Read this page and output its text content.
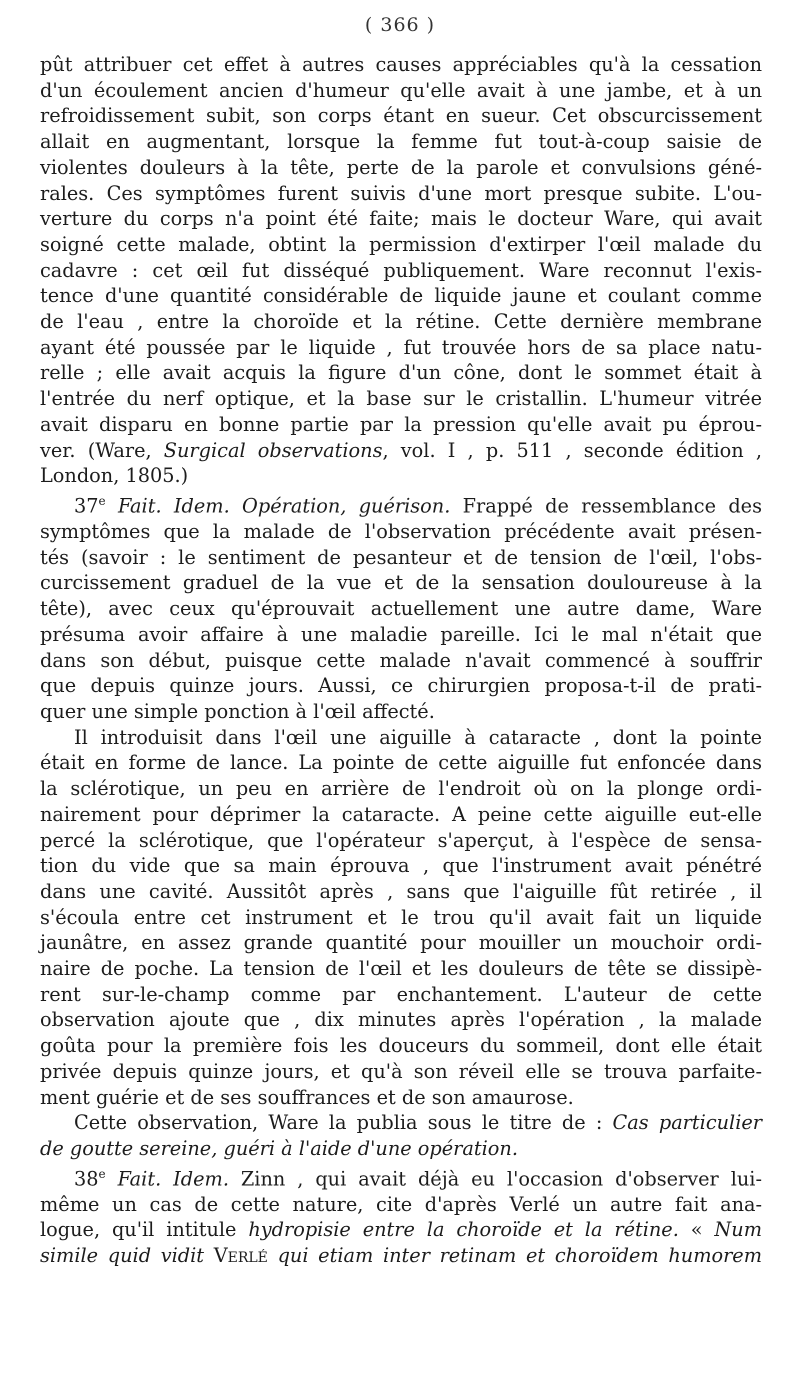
( 366 )
pût attribuer cet effet à autres causes appréciables qu'à la cessation
d'un écoulement ancien d'humeur qu'elle avait à une jambe, et à un
refroidissement subit, son corps étant en sueur. Cet obscurcissement
allait en augmentant, lorsque la femme fut tout-à-coup saisie de
violentes douleurs à la tête, perte de la parole et convulsions géné-
rales. Ces symptômes furent suivis d'une mort presque subite. L'ou-
verture du corps n'a point été faite; mais le docteur Ware, qui avait
soigné cette malade, obtint la permission d'extirper l'œil malade du
cadavre : cet œil fut disséqué publiquement. Ware reconnut l'exis-
tence d'une quantité considérable de liquide jaune et coulant comme
de l'eau , entre la choroïde et la rétine. Cette dernière membrane
ayant été poussée par le liquide , fut trouvée hors de sa place natu-
relle ; elle avait acquis la figure d'un cône, dont le sommet était à
l'entrée du nerf optique, et la base sur le cristallin. L'humeur vitrée
avait disparu en bonne partie par la pression qu'elle avait pu éprou-
ver. (Ware, Surgical observations, vol. I , p. 511 , seconde édition ,
London, 1805.)
37e Fait. Idem. Opération, guérison. Frappé de ressemblance des
symptômes que la malade de l'observation précédente avait présen-
tés (savoir : le sentiment de pesanteur et de tension de l'œil, l'obs-
curcissement graduel de la vue et de la sensation douloureuse à la
tête), avec ceux qu'éprouvait actuellement une autre dame, Ware
présuma avoir affaire à une maladie pareille. Ici le mal n'était que
dans son début, puisque cette malade n'avait commencé à souffrir
que depuis quinze jours. Aussi, ce chirurgien proposa-t-il de prati-
quer une simple ponction à l'œil affecté.
Il introduisit dans l'œil une aiguille à cataracte , dont la pointe
était en forme de lance. La pointe de cette aiguille fut enfoncée dans
la sclérotique, un peu en arrière de l'endroit où on la plonge ordi-
nairement pour déprimer la cataracte. A peine cette aiguille eut-elle
percé la sclérotique, que l'opérateur s'aperçut, à l'espèce de sensa-
tion du vide que sa main éprouva , que l'instrument avait pénétré
dans une cavité. Aussitôt après , sans que l'aiguille fût retirée , il
s'écoula entre cet instrument et le trou qu'il avait fait un liquide
jaunâtre, en assez grande quantité pour mouiller un mouchoir ordi-
naire de poche. La tension de l'œil et les douleurs de tête se dissipè-
rent sur-le-champ comme par enchantement. L'auteur de cette
observation ajoute que , dix minutes après l'opération , la malade
goûta pour la première fois les douceurs du sommeil, dont elle était
privée depuis quinze jours, et qu'à son réveil elle se trouva parfaite-
ment guérie et de ses souffrances et de son amaurose.
Cette observation, Ware la publia sous le titre de : Cas particulier
de goutte sereine, guéri à l'aide d'une opération.
38e Fait. Idem. Zinn , qui avait déjà eu l'occasion d'observer lui-
même un cas de cette nature, cite d'après Verlé un autre fait ana-
logue, qu'il intitule hydropisie entre la choroïde et la rétine. « Num
simile quid vidit Verlé qui etiam inter retinam et choroïdem humorem
